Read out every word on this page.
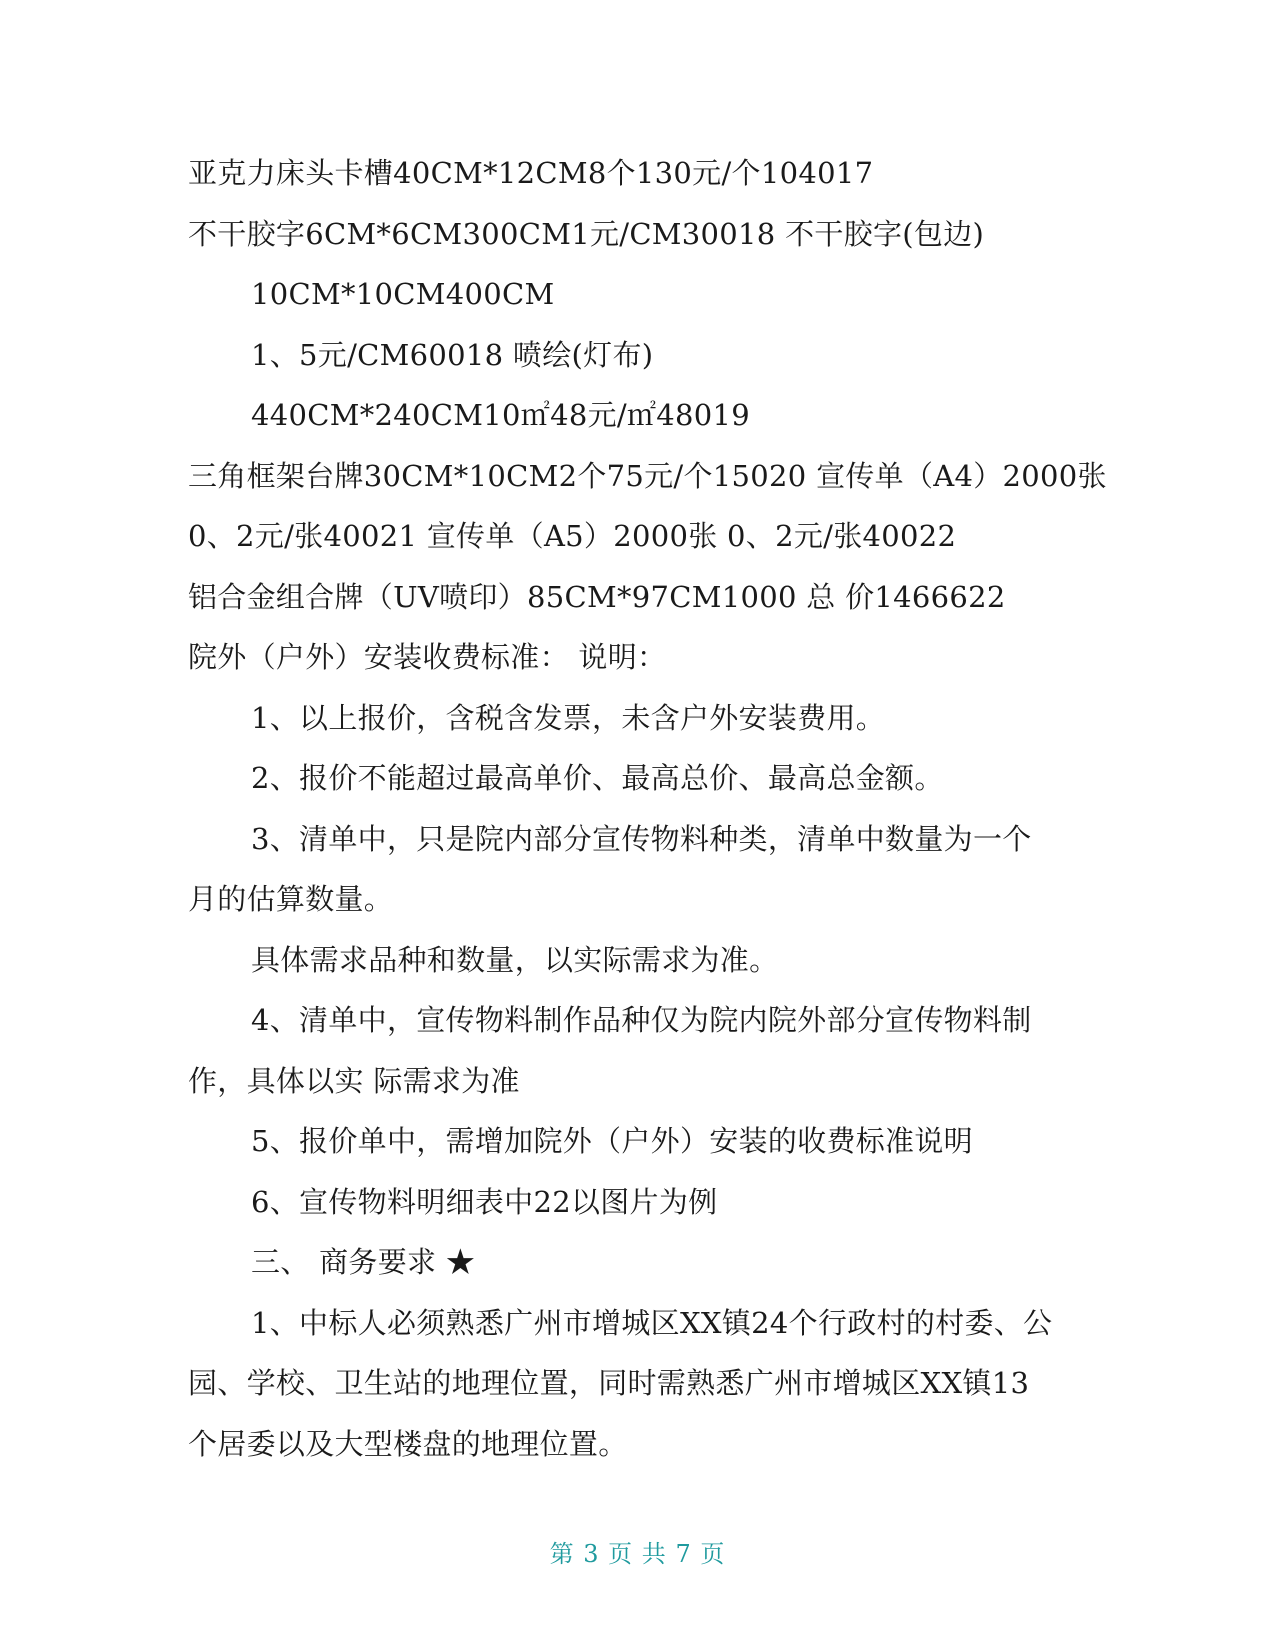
亚克力床头卡槽40CM*12CM8个130元/个104017
不干胶字6CM*6CM300CM1元/CM30018 不干胶字(包边)
10CM*10CM400CM
1、5元/CM60018 喷绘(灯布)
440CM*240CM10㎡48元/㎡48019
三角框架台牌30CM*10CM2个75元/个15020 宣传单（A4）2000张
0、2元/张40021 宣传单（A5）2000张 0、2元/张40022
铝合金组合牌（UV喷印）85CM*97CM1000 总 价1466622
院外（户外）安装收费标准： 说明：
1、以上报价，含税含发票，未含户外安装费用。
2、报价不能超过最高单价、最高总价、最高总金额。
3、清单中，只是院内部分宣传物料种类，清单中数量为一个
月的估算数量。
具体需求品种和数量，以实际需求为准。
4、清单中，宣传物料制作品种仅为院内院外部分宣传物料制
作，具体以实 际需求为准
5、报价单中，需增加院外（户外）安装的收费标准说明
6、宣传物料明细表中22以图片为例
三、 商务要求 ★
1、中标人必须熟悉广州市增城区XX镇24个行政村的村委、公
园、学校、卫生站的地理位置，同时需熟悉广州市增城区XX镇13
个居委以及大型楼盘的地理位置。
第 3 页 共 7 页
